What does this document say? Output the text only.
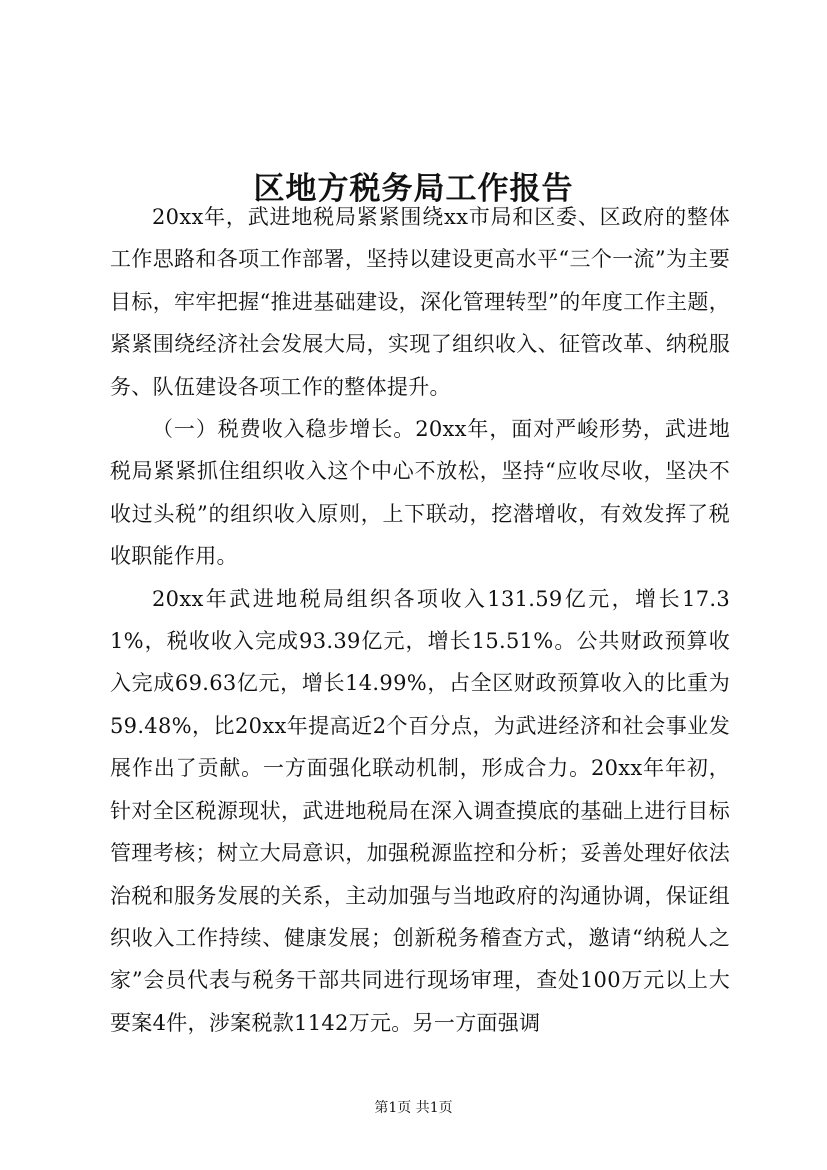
区地方税务局工作报告

20xx年，武进地税局紧紧围绕xx市局和区委、区政府的整体工作思路和各项工作部署，坚持以建设更高水平“三个一流”为主要目标，牢牢把握“推进基础建设，深化管理转型”的年度工作主题，紧紧围绕经济社会发展大局，实现了组织收入、征管改革、纳税服务、队伍建设各项工作的整体提升。

（一）税费收入稳步增长。20xx年，面对严峻形势，武进地税局紧紧抓住组织收入这个中心不放松，坚持“应收尽收，坚决不收过头税”的组织收入原则，上下联动，挖潜增收，有效发挥了税收职能作用。

20xx年武进地税局组织各项收入131.59亿元，增长17.31%，税收收入完成93.39亿元，增长15.51%。公共财政预算收入完成69.63亿元，增长14.99%，占全区财政预算收入的比重为59.48%，比20xx年提高近2个百分点，为武进经济和社会事业发展作出了贡献。一方面强化联动机制，形成合力。20xx年年初，针对全区税源现状，武进地税局在深入调查摸底的基础上进行目标管理考核；树立大局意识，加强税源监控和分析；妥善处理好依法治税和服务发展的关系，主动加强与当地政府的沟通协调，保证组织收入工作持续、健康发展；创新税务稽查方式，邀请“纳税人之家”会员代表与税务干部共同进行现场审理，查处100万元以上大要案4件，涉案税款1142万元。另一方面强调

第1页 共1页
